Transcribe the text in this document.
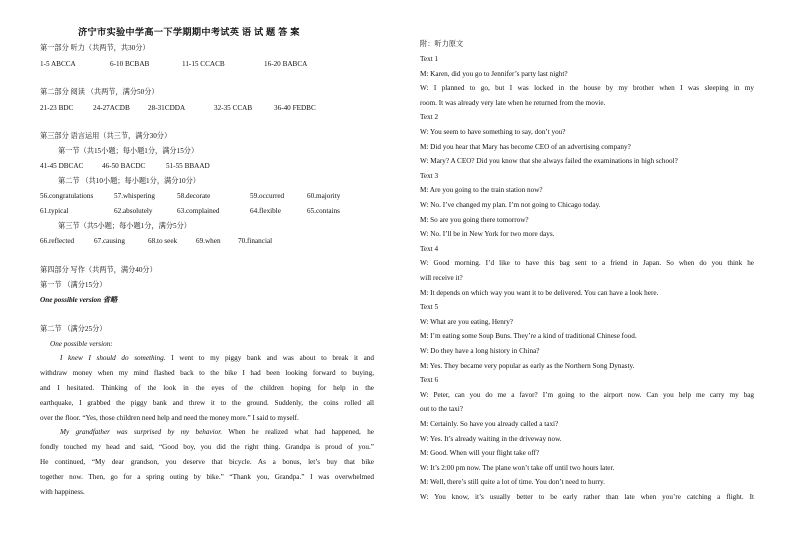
济宁市实验中学高一下学期期中考试英 语 试 题 答 案
第一部分 听力（共两节，共30分）
1-5 ABCCA	6-10 BCBAB	11-15 CCACB	16-20 BABCA
第二部分 阅读 （共两节，满分50分）
21-23 BDC	24-27ACDB	28-31CDDA	32-35 CCAB	36-40 FEDBC
第三部分 语言运用（共三节，满分30分）
第一节（共15小题；每小题1分，满分15分）
41-45 DBCAC	46-50 BACDC	51-55 BBAAD
第二节 （共10小题；每小题1分，满分10分）
56.congratulations	57.whispering	58.decorate	59.occurred	60.majority
61.typical	62.absolutely	63.complained	64.flexible	65.contains
第三节（共5小题；每小题1分，满分5分）
66.reflected	67.causing	68.to seek	69.when 70.financial
第四部分 写作（共两节，满分40分）
第一节 （满分15分）
One possible version 省略
第二节 （满分25分）
One possible version:
I knew I should do something. I went to my piggy bank and was about to break it and
withdraw money when my mind flashed back to the bike I had been looking forward to buying,
and I hesitated. Thinking of the look in the eyes of the children hoping for help in the
earthquake, I grabbed the piggy bank and threw it to the ground. Suddenly, the coins rolled all
over the floor. “Yes, those children need help and need the money more.” I said to myself.
My grandfather was surprised by my behavior. When he realized what had happened, he
fondly touched my head and said, “Good boy, you did the right thing. Grandpa is proud of you.”
He continued, “My dear grandson, you deserve that bicycle. As a bonus, let’s buy that bike
together now. Then, go for a spring outing by bike.” “Thank you, Grandpa.” I was overwhelmed
with happiness.
附：听力原文
Text 1
M: Karen, did you go to Jennifer’s party last night?
W: I planned to go, but I was locked in the house by my brother when I was sleeping in my
room. It was already very late when he returned from the movie.
Text 2
W: You seem to have something to say, don’t you?
M: Did you hear that Mary has become CEO of an advertising company?
W: Mary? A CEO? Did you know that she always failed the examinations in high school?
Text 3
M: Are you going to the train station now?
W: No. I’ve changed my plan. I’m not going to Chicago today.
M: So are you going there tomorrow?
W: No. I’ll be in New York for two more days.
Text 4
W: Good morning. I’d like to have this bag sent to a friend in Japan. So when do you think he
will receive it?
M: It depends on which way you want it to be delivered. You can have a look here.
Text 5
W: What are you eating, Henry?
M: I’m eating some Soup Buns. They’re a kind of traditional Chinese food.
W: Do they have a long history in China?
M: Yes. They became very popular as early as the Northern Song Dynasty.
Text 6
W: Peter, can you do me a favor? I’m going to the airport now. Can you help me carry my bag
out to the taxi?
M: Certainly. So have you already called a taxi?
W: Yes. It’s already waiting in the driveway now.
M: Good. When will your flight take off?
W: It’s 2:00 pm now. The plane won’t take off until two hours later.
M: Well, there’s still quite a lot of time. You don’t need to hurry.
W: You know, it’s usually better to be early rather than late when you’re catching a flight. It
